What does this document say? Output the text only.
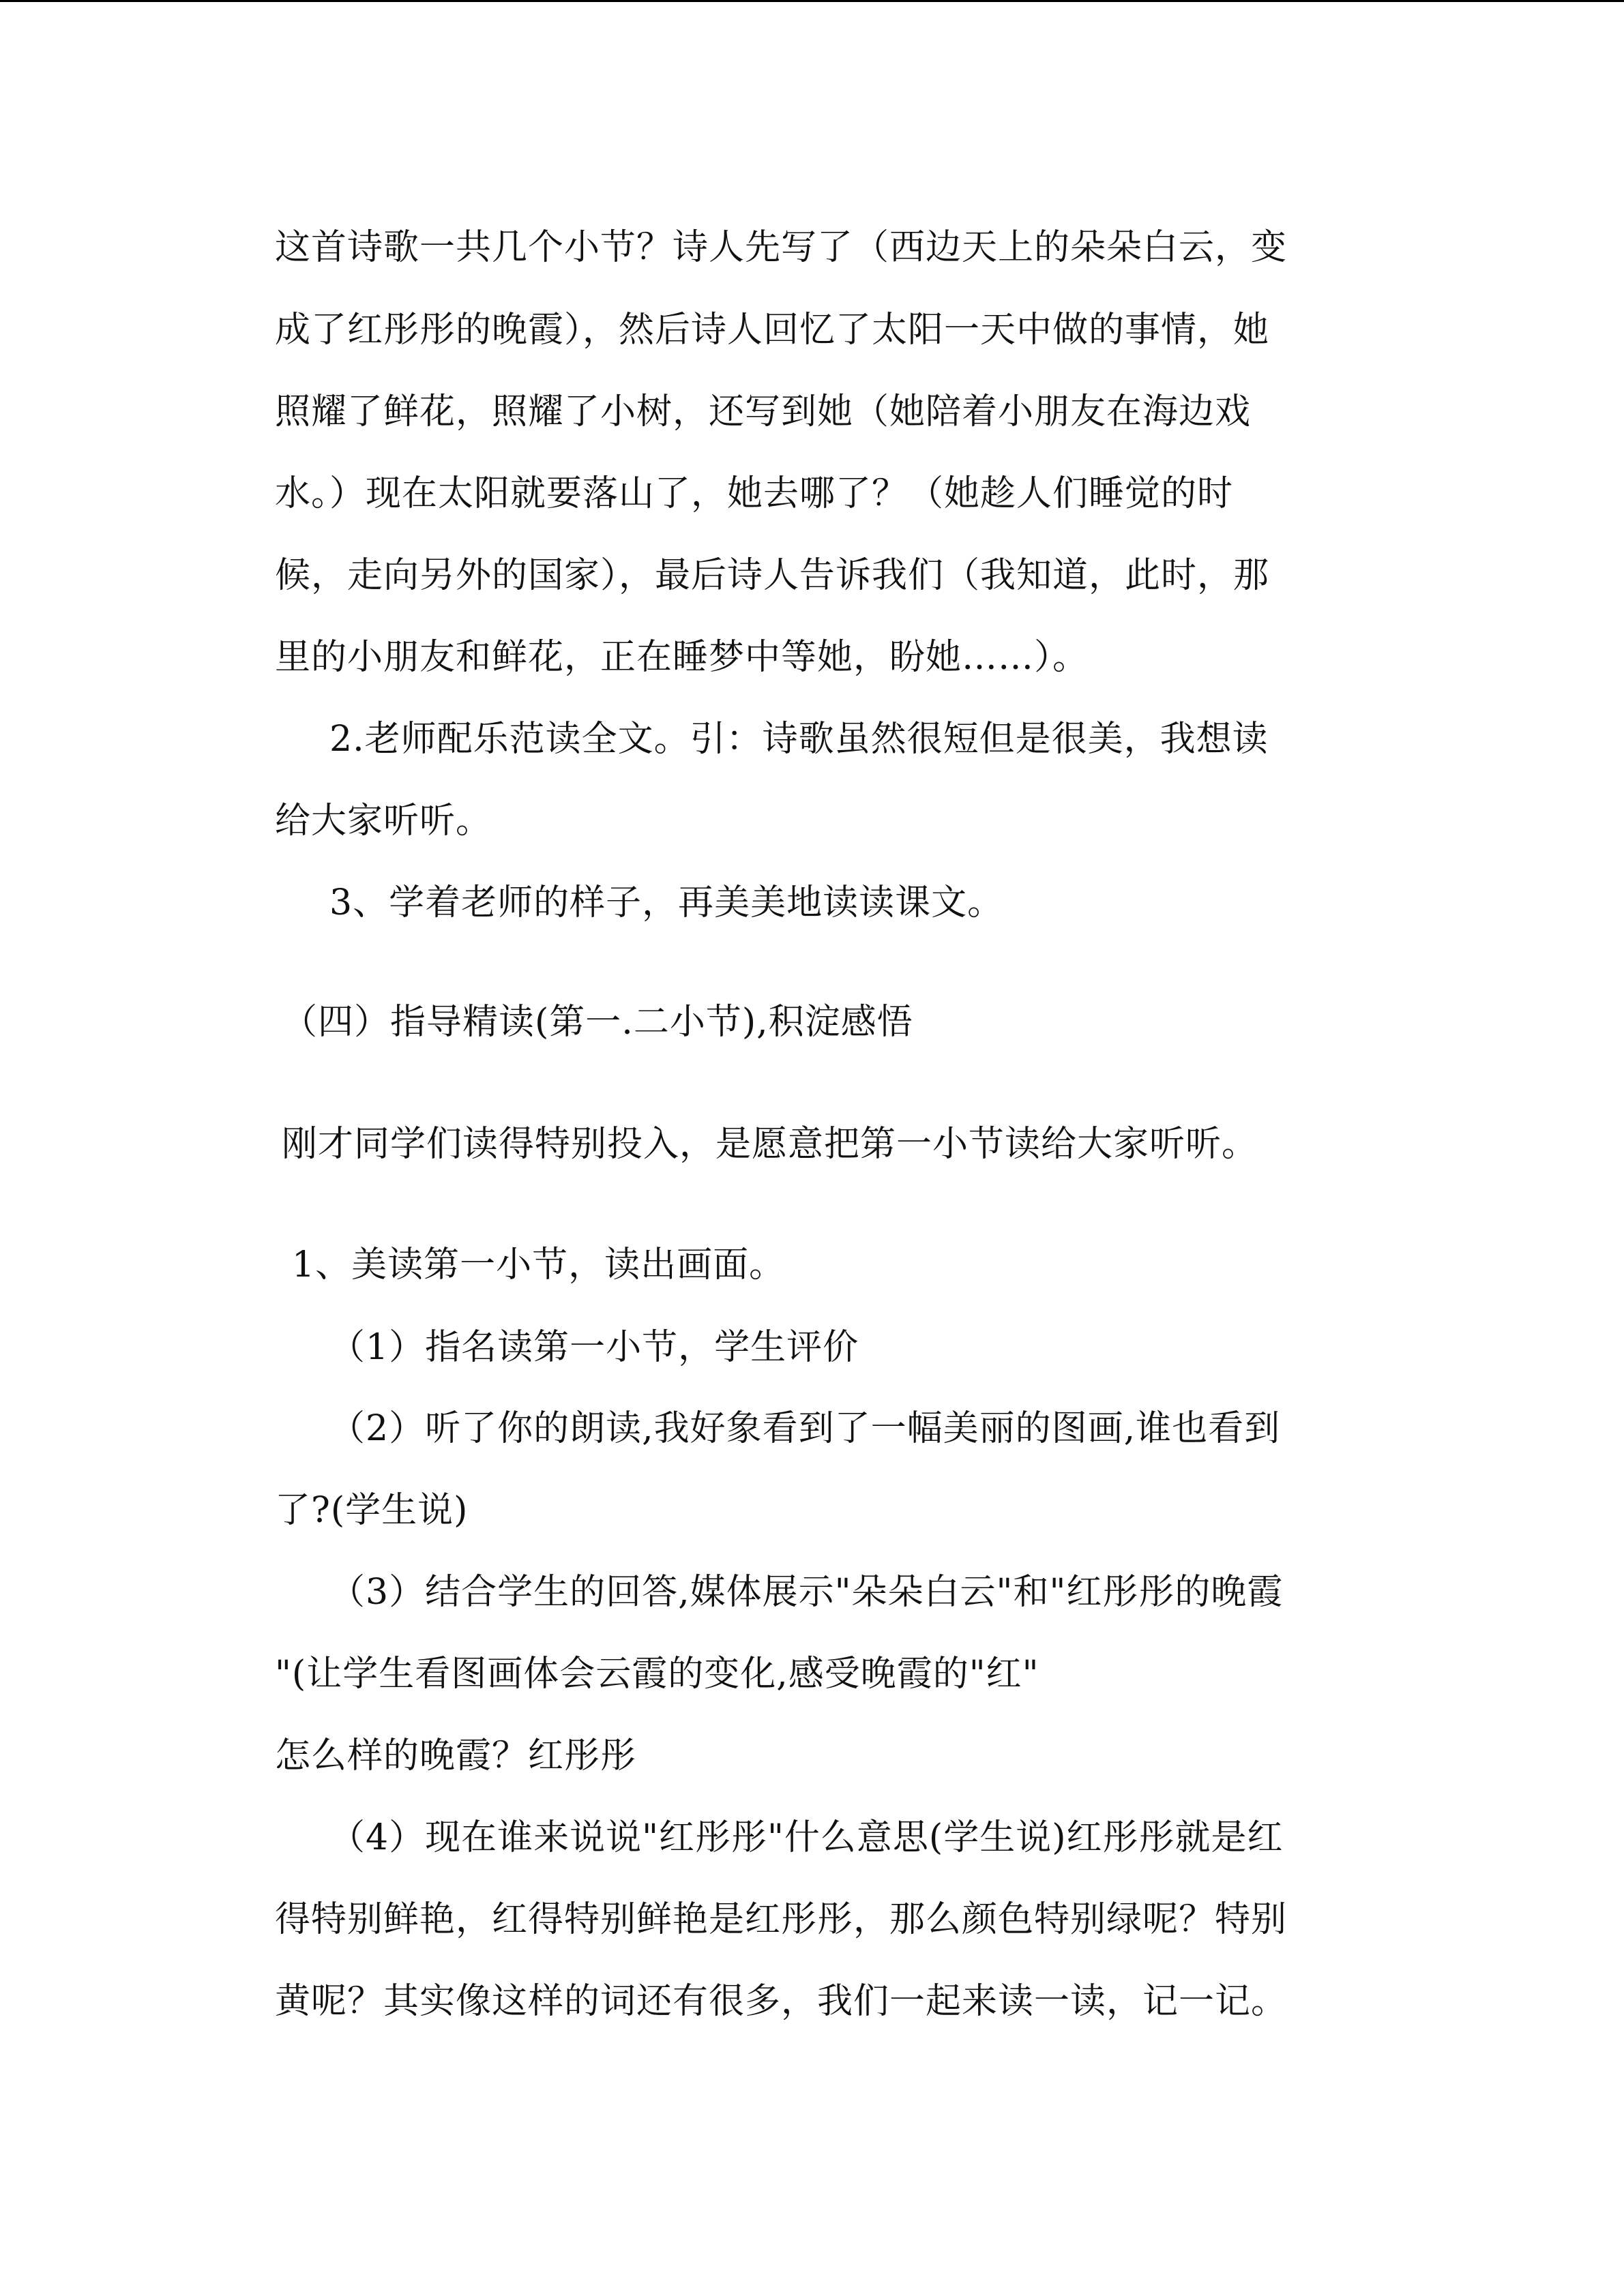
这首诗歌一共几个小节？诗人先写了（西边天上的朵朵白云，变
成了红彤彤的晚霞），然后诗人回忆了太阳一天中做的事情，她
照耀了鲜花，照耀了小树，还写到她（她陪着小朋友在海边戏
水。）现在太阳就要落山了，她去哪了？（她趁人们睡觉的时
候，走向另外的国家），最后诗人告诉我们（我知道，此时，那
里的小朋友和鲜花，正在睡梦中等她，盼她……）。
2.老师配乐范读全文。引：诗歌虽然很短但是很美，我想读
给大家听听。
3、学着老师的样子，再美美地读读课文。
（四）指导精读(第一.二小节),积淀感悟
刚才同学们读得特别投入，是愿意把第一小节读给大家听听。
1、美读第一小节，读出画面。
（1）指名读第一小节，学生评价
（2）听了你的朗读,我好象看到了一幅美丽的图画,谁也看到
了?(学生说)
（3）结合学生的回答,媒体展示"朵朵白云"和"红彤彤的晚霞
"(让学生看图画体会云霞的变化,感受晚霞的"红"
怎么样的晚霞？红彤彤
（4）现在谁来说说"红彤彤"什么意思(学生说)红彤彤就是红
得特别鲜艳，红得特别鲜艳是红彤彤，那么颜色特别绿呢？特别
黄呢？其实像这样的词还有很多，我们一起来读一读，记一记。
